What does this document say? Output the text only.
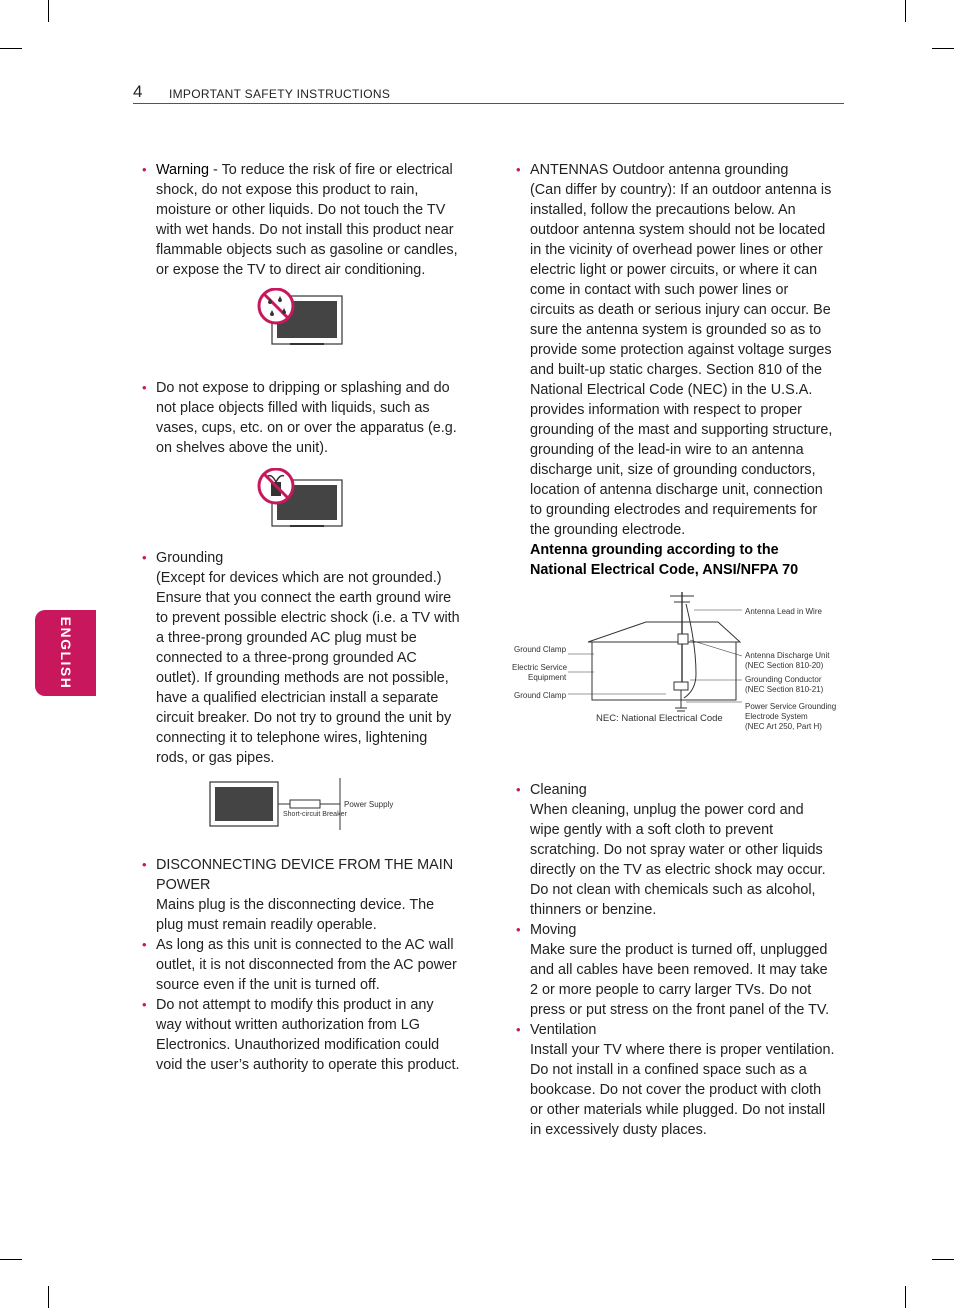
4 IMPORTANT SAFETY INSTRUCTIONS
ENGLISH
• Warning - To reduce the risk of fire or electrical shock, do not expose this product to rain, moisture or other liquids. Do not touch the TV with wet hands. Do not install this product near flammable objects such as gasoline or candles, or expose the TV to direct air conditioning.

• Do not expose to dripping or splashing and do not place objects filled with liquids, such as vases, cups, etc. on or over the apparatus (e.g. on shelves above the unit).

• Grounding

(Except for devices which are not grounded.) Ensure that you connect the earth ground wire to prevent possible electric shock (i.e. a TV with a three-prong grounded AC plug must be connected to a three-prong grounded AC outlet). If grounding methods are not possible, have a qualified electrician install a separate circuit breaker. Do not try to ground the unit by connecting it to telephone wires, lightening rods, or gas pipes.

Power Supply
Short-circuit Breaker
• DISCONNECTING DEVICE FROM THE MAIN POWER

Mains plug is the disconnecting device. The plug must remain readily operable.

• As long as this unit is connected to the AC wall outlet, it is not disconnected from the AC power source even if the unit is turned off.

• Do not attempt to modify this product in any way without written authorization from LG Electronics. Unauthorized modification could void the user’s authority to operate this product.

• ANTENNAS Outdoor antenna grounding

(Can differ by country): If an outdoor antenna is installed, follow the precautions below. An outdoor antenna system should not be located in the vicinity of overhead power lines or other electric light or power circuits, or where it can come in contact with such power lines or circuits as death or serious injury can occur. Be sure the antenna system is grounded so as to provide some protection against voltage surges and built-up static charges. Section 810 of the National Electrical Code (NEC) in the U.S.A. provides information with respect to proper grounding of the mast and supporting structure, grounding of the lead-in wire to an antenna discharge unit, size of grounding conductors, location of antenna discharge unit, connection to grounding electrodes and requirements for the grounding electrode.

Antenna grounding according to the National Electrical Code, ANSI/NFPA 70

Antenna Lead in Wire
Antenna Discharge Unit
(NEC Section 810-20)
Grounding Conductor
(NEC Section 810-21)
Power Service Grounding
Electrode System
(NEC Art 250, Part H)
Ground Clamp
Electric Service
Equipment
Ground Clamp
NEC: National Electrical Code
• Cleaning

When cleaning, unplug the power cord and wipe gently with a soft cloth to prevent scratching. Do not spray water or other liquids directly on the TV as electric shock may occur. Do not clean with chemicals such as alcohol, thinners or benzine.

• Moving

Make sure the product is turned off, unplugged and all cables have been removed. It may take 2 or more people to carry larger TVs. Do not press or put stress on the front panel of the TV.

• Ventilation

Install your TV where there is proper ventilation. Do not install in a confined space such as a bookcase. Do not cover the product with cloth or other materials while plugged. Do not install in excessively dusty places.
